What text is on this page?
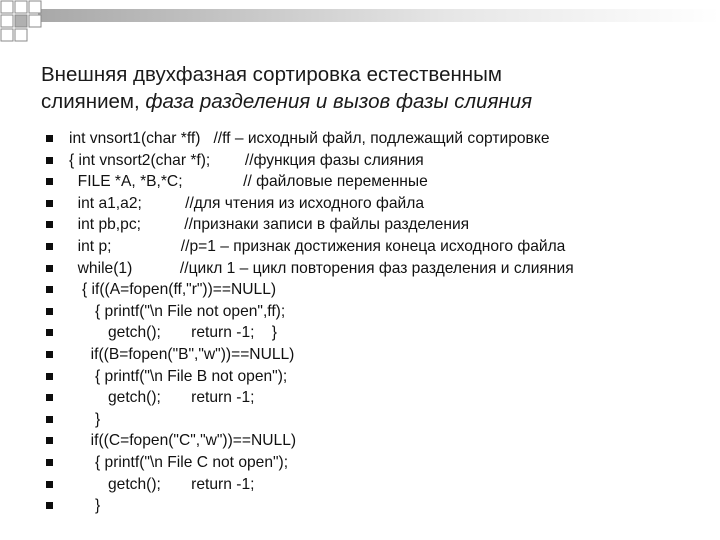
Внешняя двухфазная сортировка естественным
слиянием, фаза разделения и вызов фазы слияния
int vnsort1(char *ff)   //ff – исходный файл, подлежащий сортировке
{ int vnsort2(char *f);        //функция фазы слияния
FILE *A, *B,*C;              // файловые переменные
int a1,a2;          //для чтения из исходного файла
int pb,pc;          //признаки записи в файлы разделения
int p;                //p=1 – признак достижения конеца исходного файла
while(1)           //цикл 1 – цикл повторения фаз разделения и слияния
{ if((A=fopen(ff,"r"))==NULL)
{ printf("\n File not open",ff);
getch();       return -1;    }
if((B=fopen("B","w"))==NULL)
{ printf("\n File B not open");
getch();       return -1;
}
if((C=fopen("C","w"))==NULL)
{ printf("\n File C not open");
getch();       return -1;
}
